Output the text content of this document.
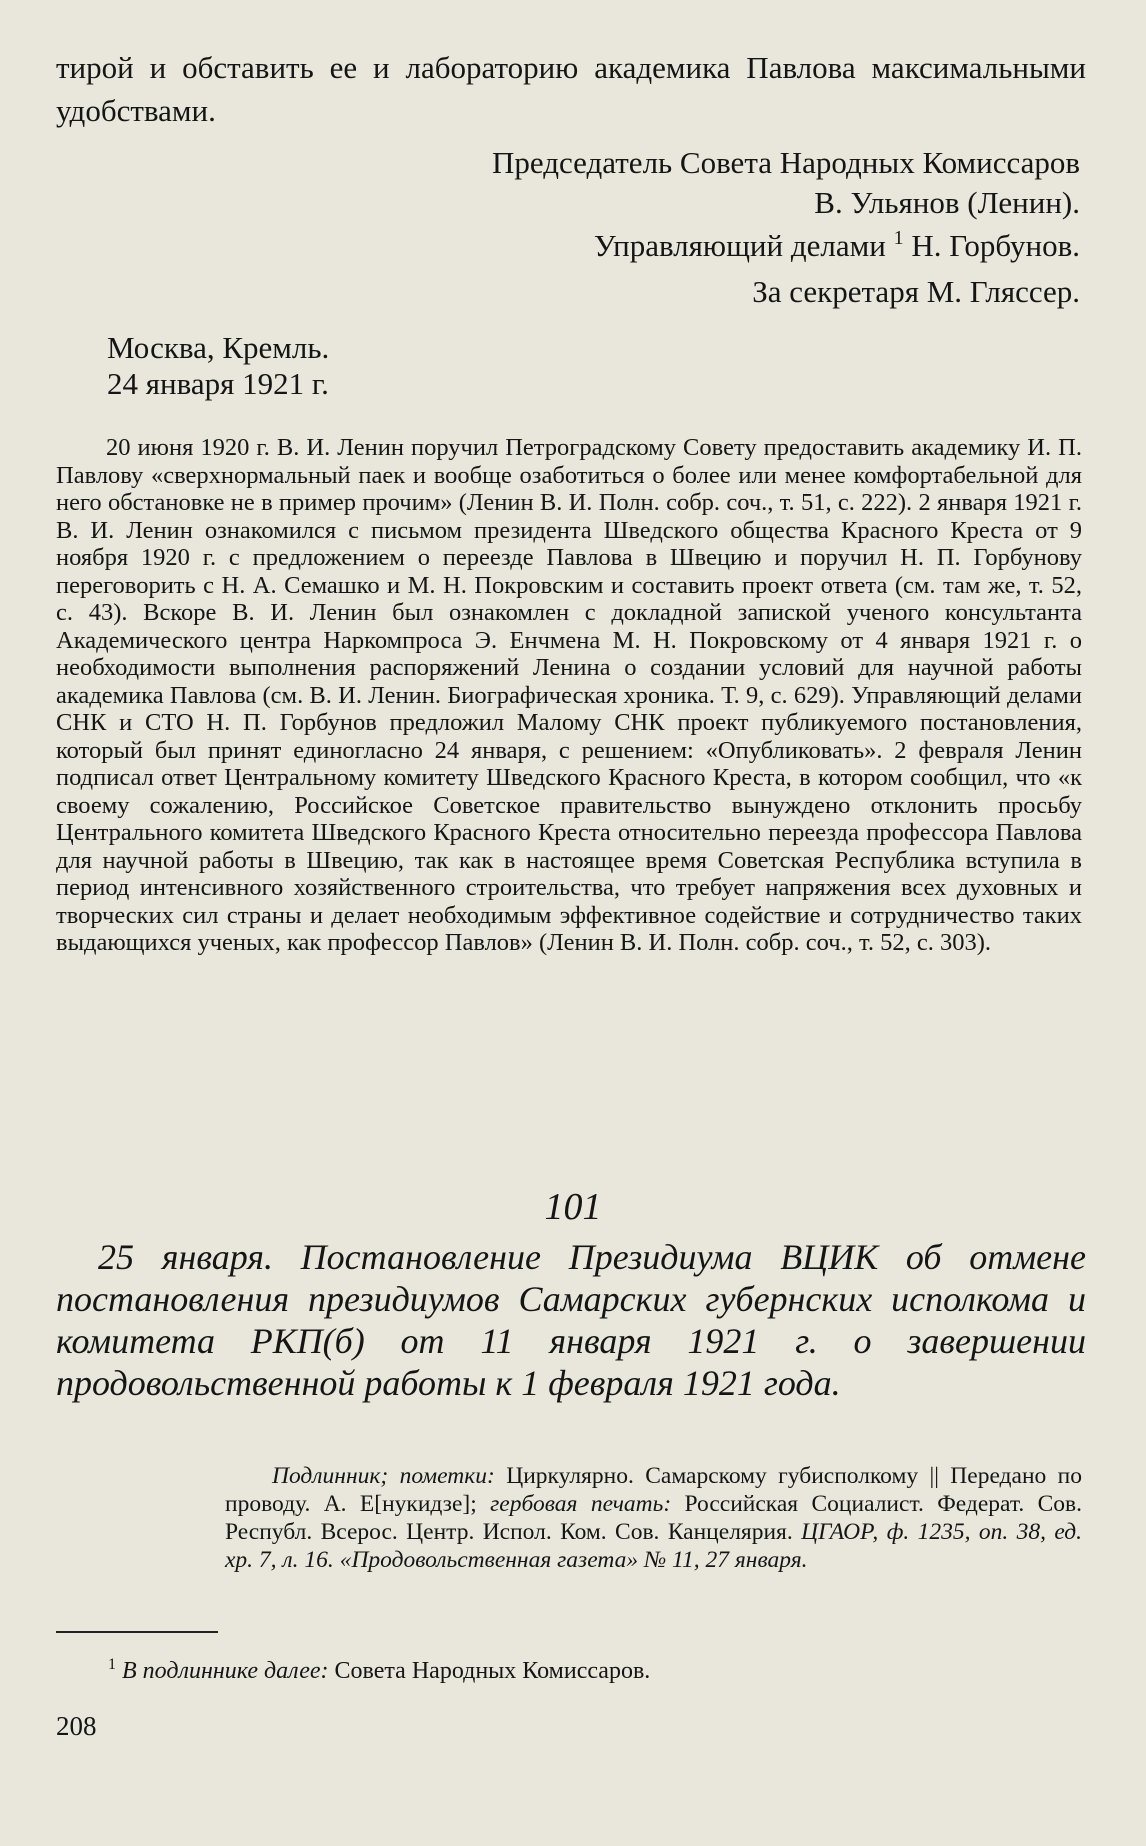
тирой и обставить ее и лабораторию академика Павлова максимальными удобствами.

Председатель Совета Народных Комиссаров
В. Ульянов (Ленин).
Управляющий делами $^1$ Н. Горбунов.
За секретаря М. Гляссер.
Москва, Кремль.
24 января 1921 г.

20 июня 1920 г. В. И. Ленин поручил Петроградскому Совету предоставить академику И. П. Павлову «сверхнормальный паек и вообще озаботиться о более или менее комфортабельной для него обстановке не в пример прочим» (Ленин В. И. Полн. собр. соч., т. 51, с. 222). 2 января 1921 г. В. И. Ленин ознакомился с письмом президента Шведского общества Красного Креста от 9 ноября 1920 г. с предложением о переезде Павлова в Швецию и поручил Н. П. Горбунову переговорить с Н. А. Семашко и М. Н. Покровским и составить проект ответа (см. там же, т. 52, с. 43). Вскоре В. И. Ленин был ознакомлен с докладной запиской ученого консультанта Академического центра Наркомпроса Э. Енчмена М. Н. Покровскому от 4 января 1921 г. о необходимости выполнения распоряжений Ленина о создании условий для научной работы академика Павлова (см. В. И. Ленин. Биографическая хроника. Т. 9, с. 629). Управляющий делами СНК и СТО Н. П. Горбунов предложил Малому СНК проект публикуемого постановления, который был принят единогласно 24 января, с решением: «Опубликовать». 2 февраля Ленин подписал ответ Центральному комитету Шведского Красного Креста, в котором сообщил, что «к своему сожалению, Российское Советское правительство вынуждено отклонить просьбу Центрального комитета Шведского Красного Креста относительно переезда профессора Павлова для научной работы в Швецию, так как в настоящее время Советская Республика вступила в период интенсивного хозяйственного строительства, что требует напряжения всех духовных и творческих сил страны и делает необходимым эффективное содействие и сотрудничество таких выдающихся ученых, как профессор Павлов» (Ленин В. И. Полн. собр. соч., т. 52, с. 303).

101

25 января. Постановление Президиума ВЦИК об отмене постановления президиумов Самарских губернских исполкома и комитета РКП(б) от 11 января 1921 г. о завершении продовольственной работы к 1 февраля 1921 года.

Подлинник; пометки: Циркулярно. Самарскому губисполкому || Передано по проводу. А. Е[нукидзе]; гербовая печать: Российская Социалист. Федерат. Сов. Республ. Всерос. Центр. Испол. Ком. Сов. Канцелярия. ЦГАОР, ф. 1235, оп. 38, ед. хр. 7, л. 16. «Продовольственная газета» № 11, 27 января.

$^1$ В подлиннике далее: Совета Народных Комиссаров.

208
